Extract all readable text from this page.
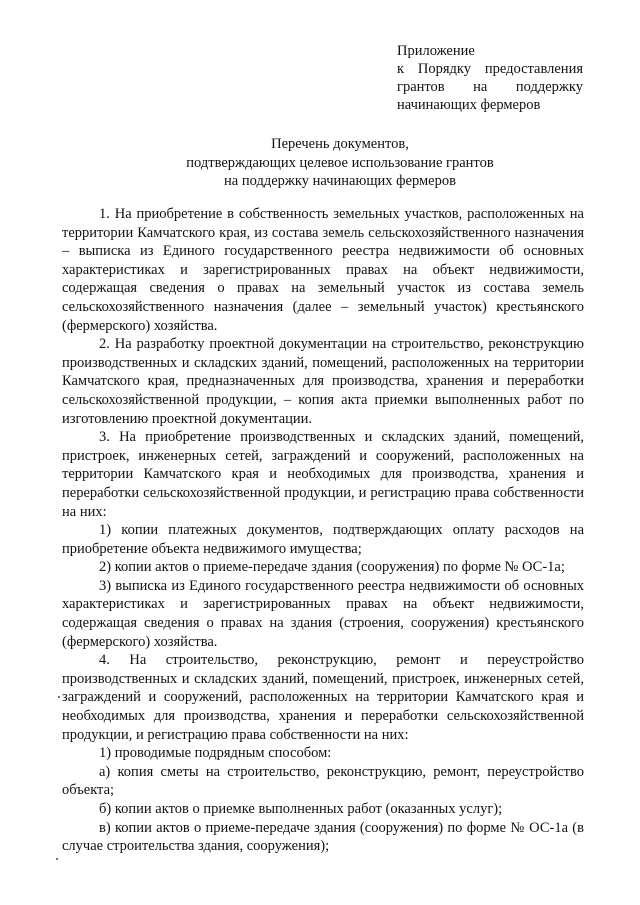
Приложение
к Порядку предоставления
грантов на поддержку
начинающих фермеров
Перечень документов,
подтверждающих целевое использование грантов
на поддержку начинающих фермеров

1. На приобретение в собственность земельных участков, расположенных на территории Камчатского края, из состава земель сельскохозяйственного назначения – выписка из Единого государственного реестра недвижимости об основных характеристиках и зарегистрированных правах на объект недвижимости, содержащая сведения о правах на земельный участок из состава земель сельскохозяйственного назначения (далее – земельный участок) крестьянского (фермерского) хозяйства.

2. На разработку проектной документации на строительство, реконструкцию производственных и складских зданий, помещений, расположенных на территории Камчатского края, предназначенных для производства, хранения и переработки сельскохозяйственной продукции, – копия акта приемки выполненных работ по изготовлению проектной документации.

3. На приобретение производственных и складских зданий, помещений, пристроек, инженерных сетей, заграждений и сооружений, расположенных на территории Камчатского края и необходимых для производства, хранения и переработки сельскохозяйственной продукции, и регистрацию права собственности на них:

1) копии платежных документов, подтверждающих оплату расходов на приобретение объекта недвижимого имущества;

2) копии актов о приеме-передаче здания (сооружения) по форме № ОС-1а;

3) выписка из Единого государственного реестра недвижимости об основных характеристиках и зарегистрированных правах на объект недвижимости, содержащая сведения о правах на здания (строения, сооружения) крестьянского (фермерского) хозяйства.

4. На строительство, реконструкцию, ремонт и переустройство производственных и складских зданий, помещений, пристроек, инженерных сетей, заграждений и сооружений, расположенных на территории Камчатского края и необходимых для производства, хранения и переработки сельскохозяйственной продукции, и регистрацию права собственности на них:

1) проводимые подрядным способом:

а) копия сметы на строительство, реконструкцию, ремонт, переустройство объекта;

б) копии актов о приемке выполненных работ (оказанных услуг);

в) копии актов о приеме-передаче здания (сооружения) по форме № ОС-1а (в случае строительства здания, сооружения);
